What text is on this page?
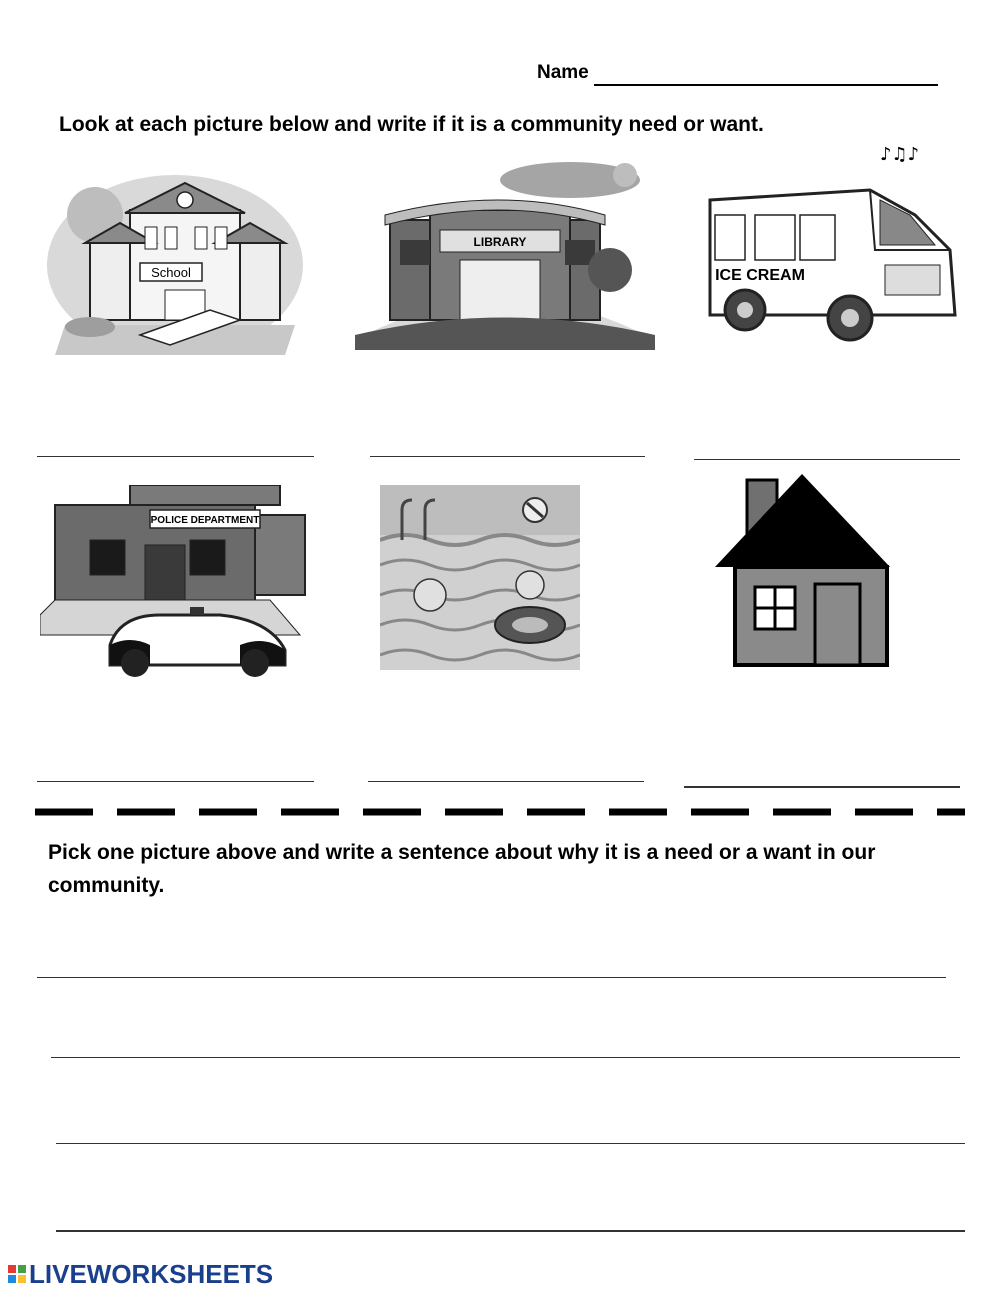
Name
Look at each picture below and write if it is a community need or want.
School
LIBRARY
ICE CREAM
♪♫♪
POLICE DEPARTMENT
Pick one picture above and write a sentence about why it is a need or a want in our community.
LIVEWORKSHEETS
